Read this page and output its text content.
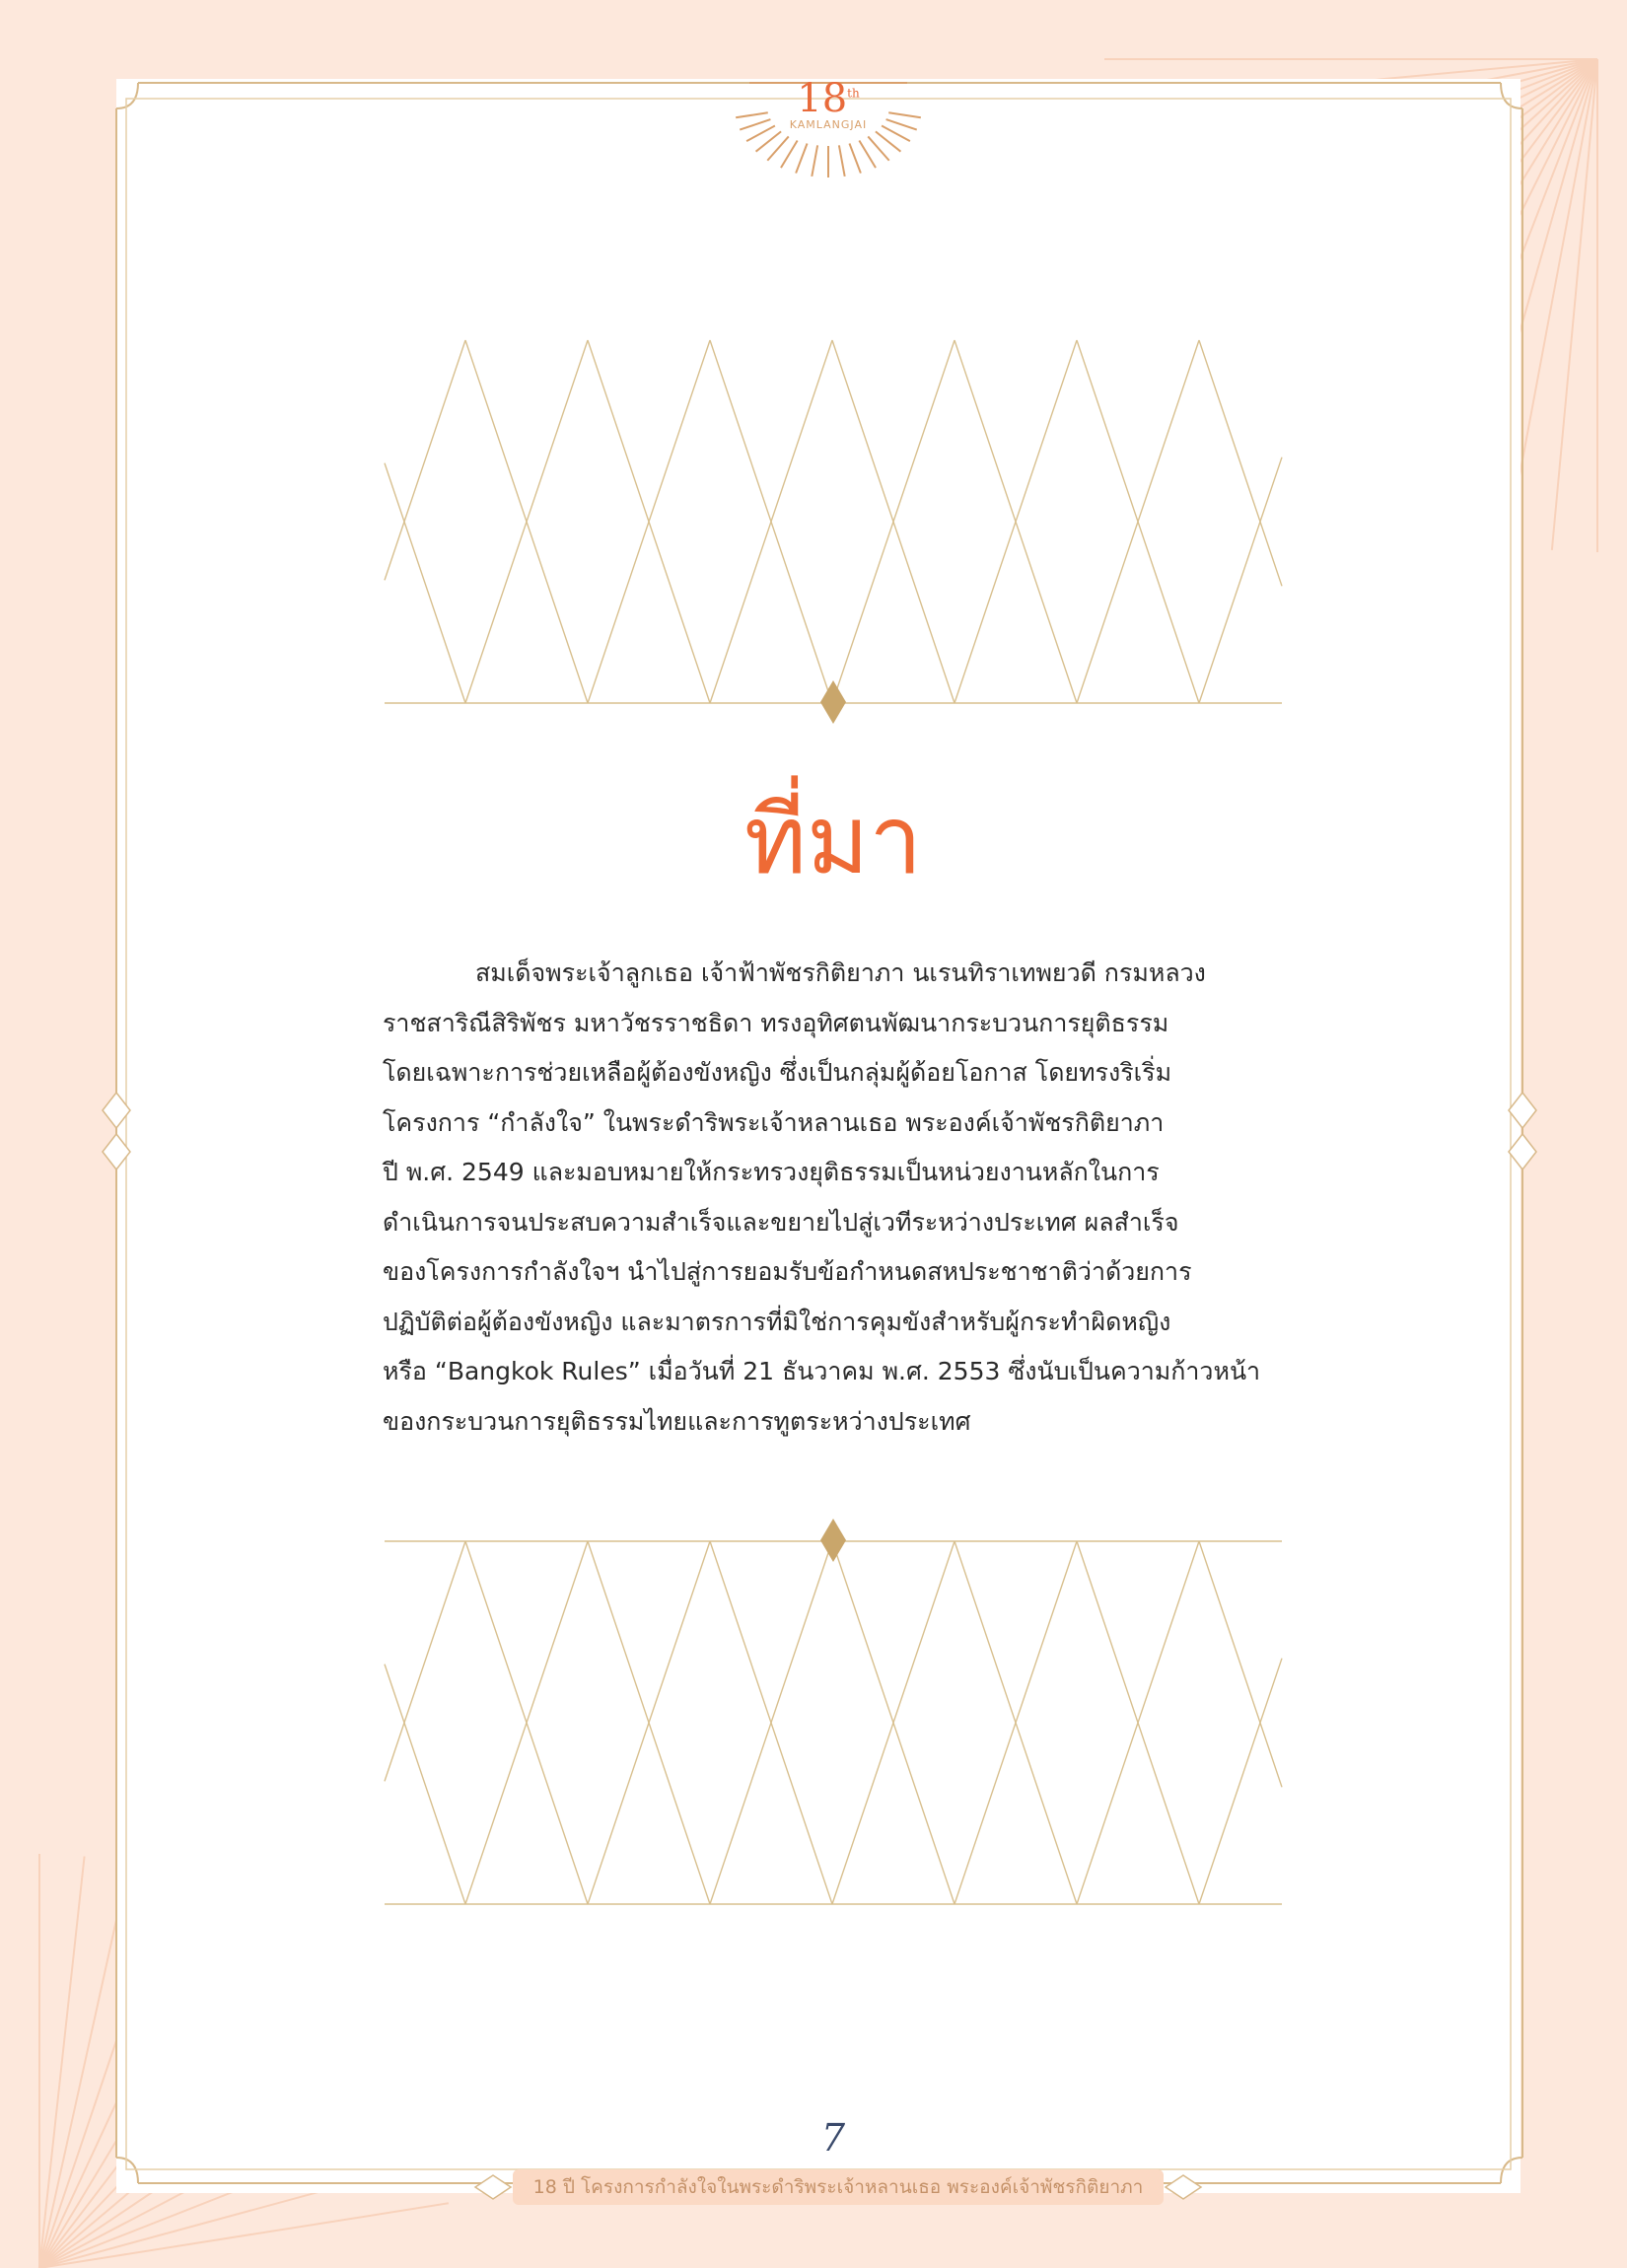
18th
KAMLANGJAI
ที่มา

สมเด็จพระเจ้าลูกเธอ เจ้าฟ้าพัชรกิติยาภา นเรนทิราเทพยวดี กรมหลวง

ราชสาริณีสิริพัชร มหาวัชรราชธิดา ทรงอุทิศตนพัฒนากระบวนการยุติธรรม

โดยเฉพาะการช่วยเหลือผู้ต้องขังหญิง ซึ่งเป็นกลุ่มผู้ด้อยโอกาส โดยทรงริเริ่ม

โครงการ “กำลังใจ” ในพระดำริพระเจ้าหลานเธอ พระองค์เจ้าพัชรกิติยาภา

ปี พ.ศ. 2549 และมอบหมายให้กระทรวงยุติธรรมเป็นหน่วยงานหลักในการ

ดำเนินการจนประสบความสำเร็จและขยายไปสู่เวทีระหว่างประเทศ ผลสำเร็จ

ของโครงการกำลังใจฯ นำไปสู่การยอมรับข้อกำหนดสหประชาชาติว่าด้วยการ

ปฏิบัติต่อผู้ต้องขังหญิง และมาตรการที่มิใช่การคุมขังสำหรับผู้กระทำผิดหญิง

หรือ “Bangkok Rules” เมื่อวันที่ 21 ธันวาคม พ.ศ. 2553 ซึ่งนับเป็นความก้าวหน้า

ของกระบวนการยุติธรรมไทยและการทูตระหว่างประเทศ

7
18 ปี โครงการกำลังใจในพระดำริพระเจ้าหลานเธอ พระองค์เจ้าพัชรกิติยาภา
